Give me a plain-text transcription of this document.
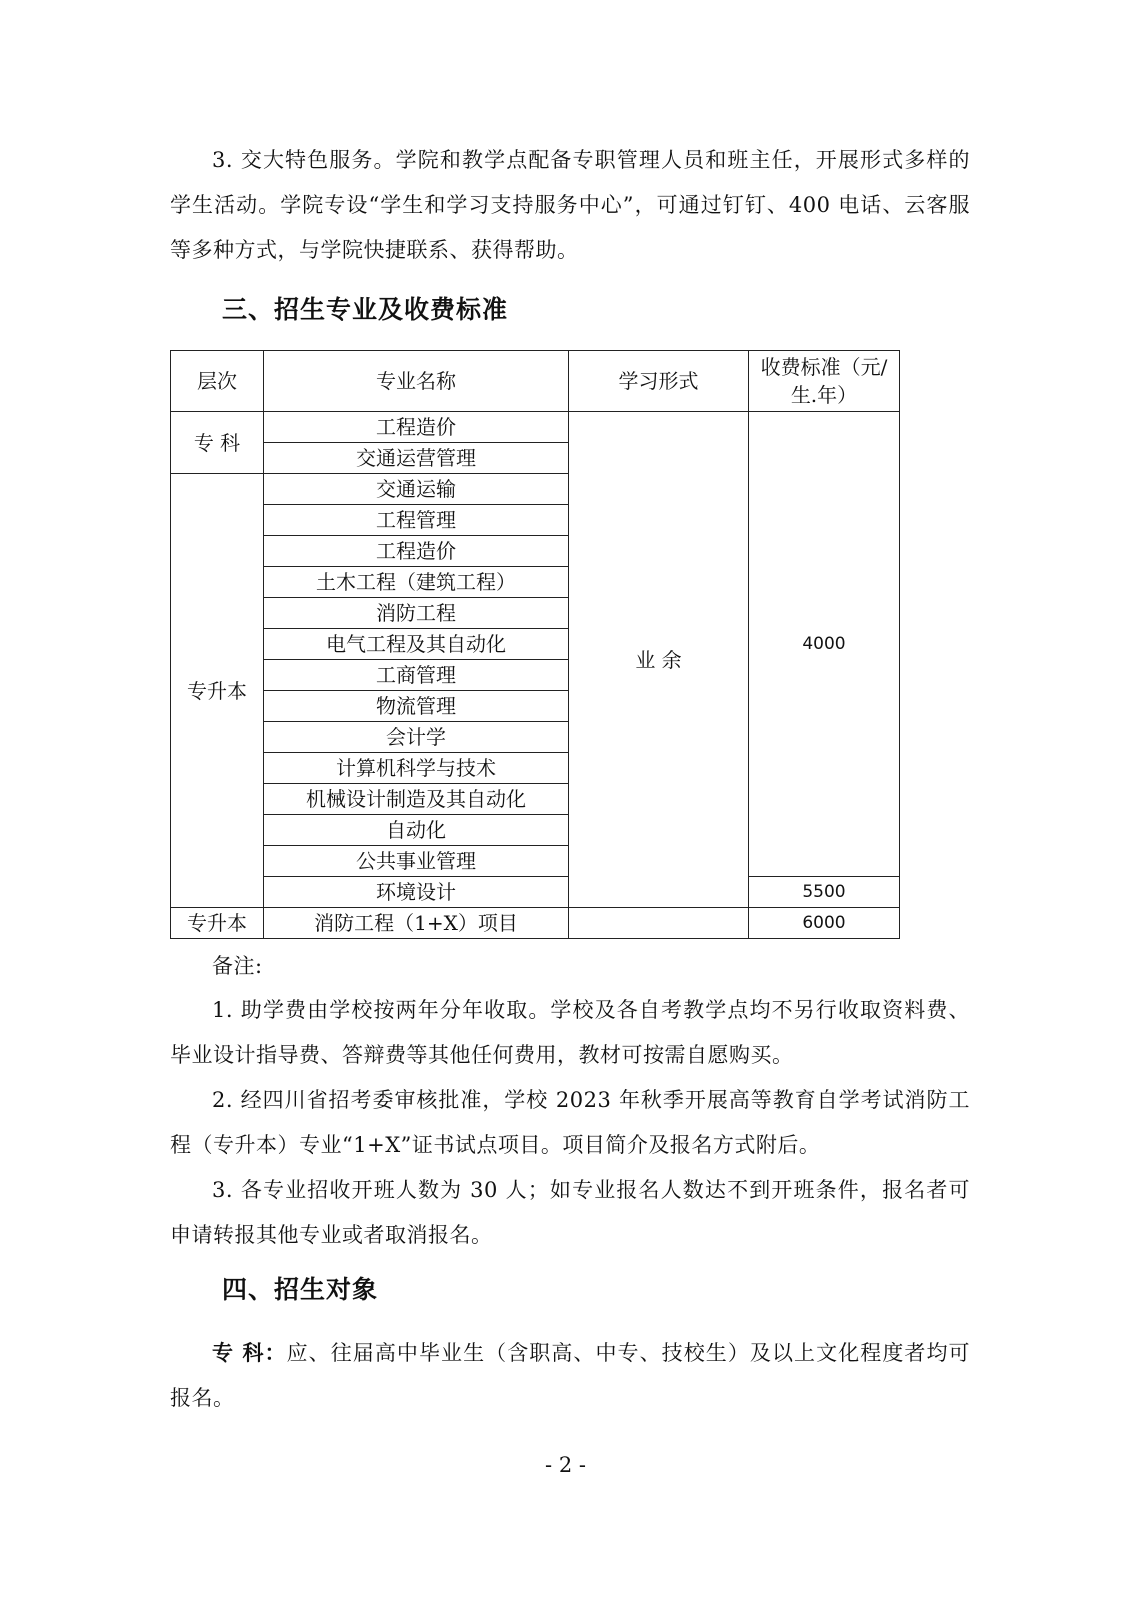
3. 交大特色服务。学院和教学点配备专职管理人员和班主任，开展形式多样的学生活动。学院专设“学生和学习支持服务中心”，可通过钉钉、400 电话、云客服等多种方式，与学院快捷联系、获得帮助。

三、招生专业及收费标准
层次	专业名称	学习形式	收费标准（元/生.年）
专 科	工程造价	业 余	4000
	交通运营管理		
专升本	交通运输		
	工程管理		
	工程造价		
	土木工程（建筑工程）		
	消防工程		
	电气工程及其自动化		
	工商管理		
	物流管理		
	会计学		
	计算机科学与技术		
	机械设计制造及其自动化		
	自动化		
	公共事业管理		
	环境设计		5500
专升本	消防工程（1+X）项目		6000

备注:

1. 助学费由学校按两年分年收取。学校及各自考教学点均不另行收取资料费、毕业设计指导费、答辩费等其他任何费用，教材可按需自愿购买。

2. 经四川省招考委审核批准，学校 2023 年秋季开展高等教育自学考试消防工程（专升本）专业“1+X”证书试点项目。项目简介及报名方式附后。

3. 各专业招收开班人数为 30 人；如专业报名人数达不到开班条件，报名者可申请转报其他专业或者取消报名。

四、招生对象

专 科：应、往届高中毕业生（含职高、中专、技校生）及以上文化程度者均可报名。

- 2 -
